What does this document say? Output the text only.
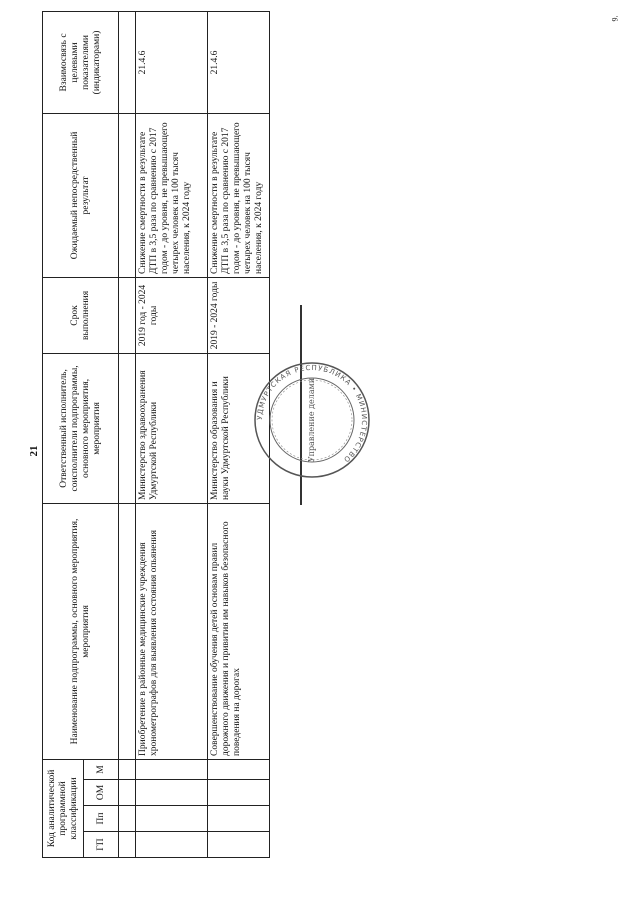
21
9.
Код аналитической программной классификации				Наименование подпрограммы, основного мероприятия, мероприятия	Ответственный исполнитель, соисполнители подпрограммы, основного мероприятия, мероприятия	Срок выполнения	Ожидаемый непосредственный результат	Взаимосвязь с целевыми показателями (индикаторами)
ГП	Пп	ОМ	М					

				Приобретение в районные медицинские учреждения хронометрографов для выявления состояния опьянения	Министерство здравоохранения Удмуртской Республики	2019 год - 2024 годы	Снижение смертности в результате ДТП в 3,5 раза по сравнению с 2017 годом - до уровня, не превышающего четырех человек на 100 тысяч населения, к 2024 году	21.4.6
				Совершенствование обучения детей основам правил дорожного движения и привития им навыков безопасного поведения на дорогах	Министерство образования и науки Удмуртской Республики	2019 - 2024 годы	Снижение смертности в результате ДТП в 3,5 раза по сравнению с 2017 годом - до уровня, не превышающего четырех человек на 100 тысяч населения, к 2024 году	21.4.6
УДМУРТСКАЯ РЕСПУБЛИКА • МИНИСТЕРСТВО
Управление делами
